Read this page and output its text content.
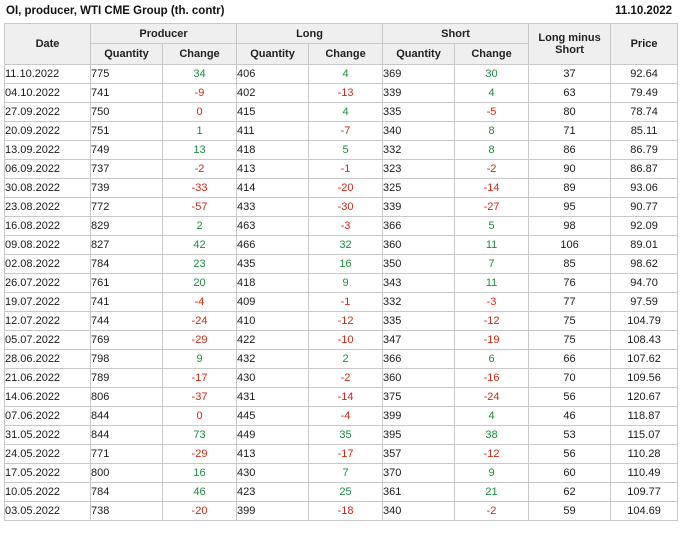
OI, producer, WTI CME Group (th. contr)	11.10.2022
Date	Producer		Long		Short		Long minus Short	Price
	Quantity	Change	Quantity	Change	Quantity	Change		
11.10.2022	775	34	406	4	369	30	37	92.64
04.10.2022	741	-9	402	-13	339	4	63	79.49
27.09.2022	750	0	415	4	335	-5	80	78.74
20.09.2022	751	1	411	-7	340	8	71	85.11
13.09.2022	749	13	418	5	332	8	86	86.79
06.09.2022	737	-2	413	-1	323	-2	90	86.87
30.08.2022	739	-33	414	-20	325	-14	89	93.06
23.08.2022	772	-57	433	-30	339	-27	95	90.77
16.08.2022	829	2	463	-3	366	5	98	92.09
09.08.2022	827	42	466	32	360	11	106	89.01
02.08.2022	784	23	435	16	350	7	85	98.62
26.07.2022	761	20	418	9	343	11	76	94.70
19.07.2022	741	-4	409	-1	332	-3	77	97.59
12.07.2022	744	-24	410	-12	335	-12	75	104.79
05.07.2022	769	-29	422	-10	347	-19	75	108.43
28.06.2022	798	9	432	2	366	6	66	107.62
21.06.2022	789	-17	430	-2	360	-16	70	109.56
14.06.2022	806	-37	431	-14	375	-24	56	120.67
07.06.2022	844	0	445	-4	399	4	46	118.87
31.05.2022	844	73	449	35	395	38	53	115.07
24.05.2022	771	-29	413	-17	357	-12	56	110.28
17.05.2022	800	16	430	7	370	9	60	110.49
10.05.2022	784	46	423	25	361	21	62	109.77
03.05.2022	738	-20	399	-18	340	-2	59	104.69
